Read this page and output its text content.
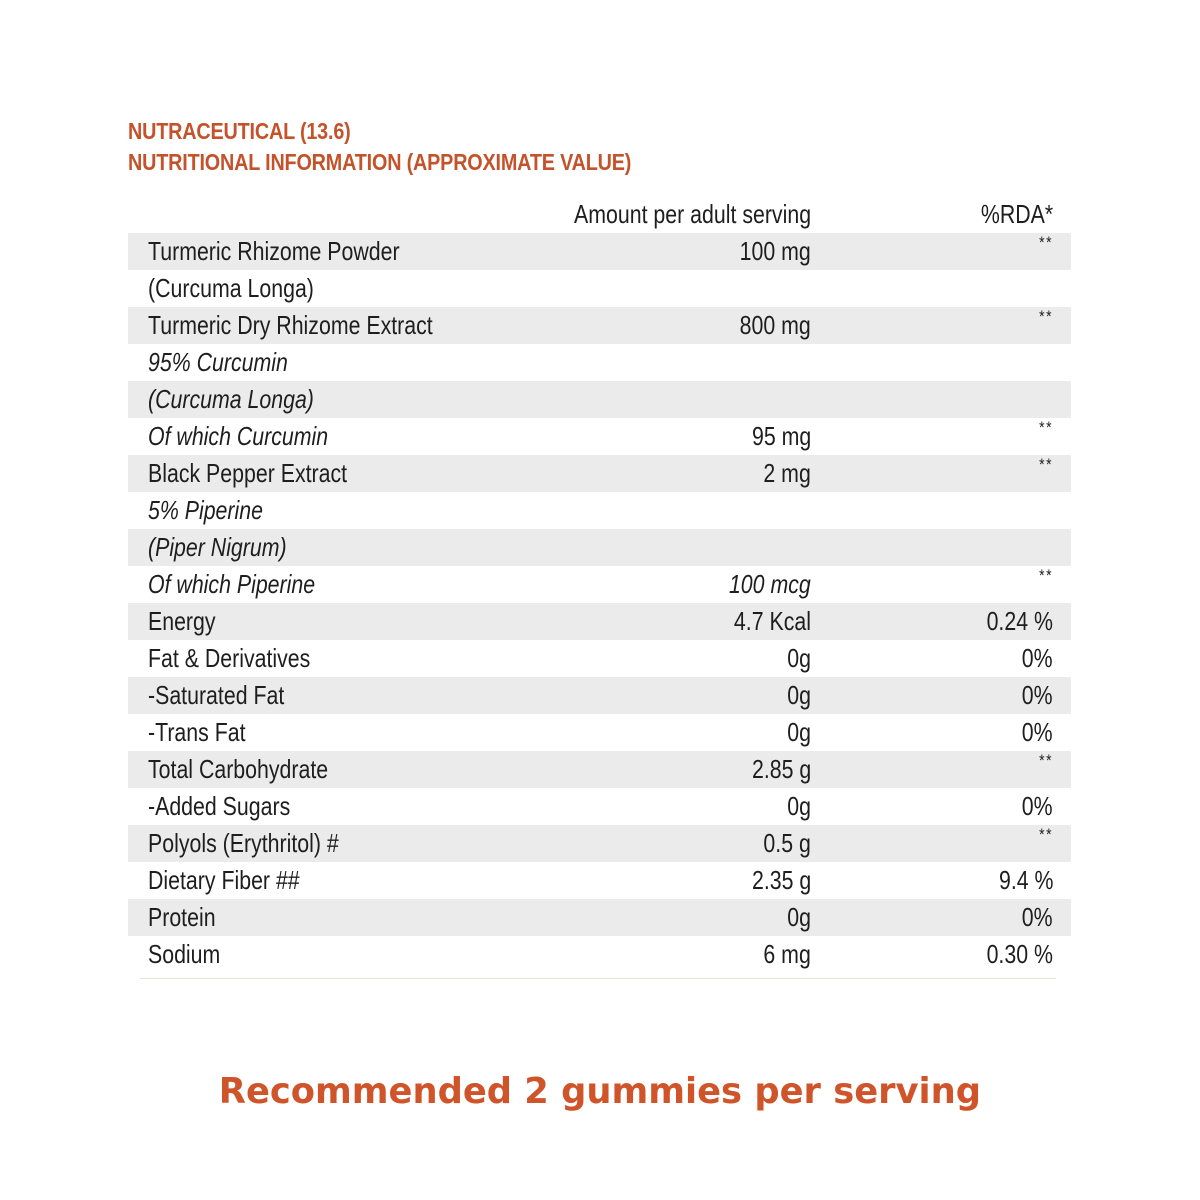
NUTRACEUTICAL (13.6)
NUTRITIONAL INFORMATION (APPROXIMATE VALUE)
Amount per adult serving	%RDA*
Turmeric Rhizome Powder	100 mg	**
(Curcuma Longa)
Turmeric Dry Rhizome Extract	800 mg	**
95% Curcumin
(Curcuma Longa)
Of which Curcumin	95 mg	**
Black Pepper Extract	2 mg	**
5% Piperine
(Piper Nigrum)
Of which Piperine	100 mcg	**
Energy	4.7 Kcal	0.24 %
Fat & Derivatives	0g	0%
-Saturated Fat	0g	0%
-Trans Fat	0g	0%
Total Carbohydrate	2.85 g	**
-Added Sugars	0g	0%
Polyols (Erythritol) #	0.5 g	**
Dietary Fiber ##	2.35 g	9.4 %
Protein	0g	0%
Sodium	6 mg	0.30 %
Recommended 2 gummies per serving
